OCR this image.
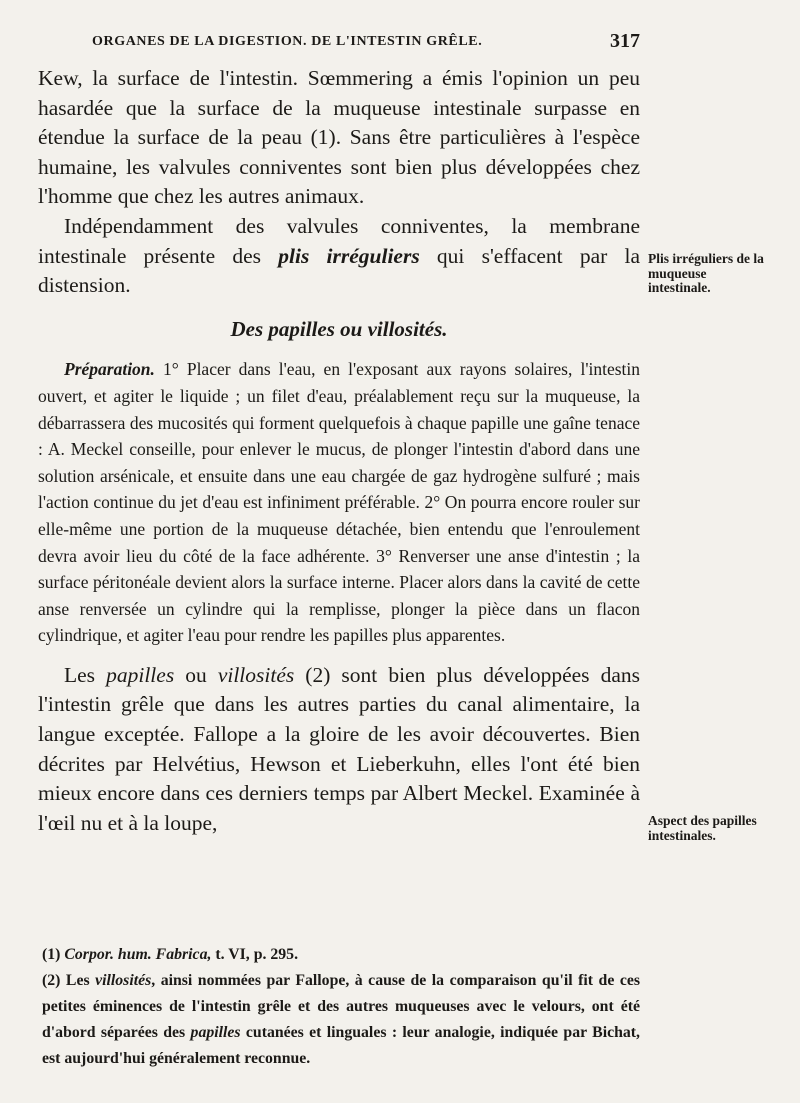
ORGANES DE LA DIGESTION. DE L'INTESTIN GRÊLE.	317

Kew, la surface de l'intestin. Sœmmering a émis l'opinion un peu hasardée que la surface de la muqueuse intestinale surpasse en étendue la surface de la peau (1). Sans être particulières à l'espèce humaine, les valvules conniventes sont bien plus développées chez l'homme que chez les autres animaux.

Indépendamment des valvules conniventes, la membrane intestinale présente des plis irréguliers qui s'effacent par la distension.

Des papilles ou villosités.

Préparation. 1° Placer dans l'eau, en l'exposant aux rayons solaires, l'intestin ouvert, et agiter le liquide ; un filet d'eau, préalablement reçu sur la muqueuse, la débarrassera des mucosités qui forment quelquefois à chaque papille une gaîne tenace : A. Meckel conseille, pour enlever le mucus, de plonger l'intestin d'abord dans une solution arsénicale, et ensuite dans une eau chargée de gaz hydrogène sulfuré ; mais l'action continue du jet d'eau est infiniment préférable. 2° On pourra encore rouler sur elle-même une portion de la muqueuse détachée, bien entendu que l'enroulement devra avoir lieu du côté de la face adhérente. 3° Renverser une anse d'intestin ; la surface péritonéale devient alors la surface interne. Placer alors dans la cavité de cette anse renversée un cylindre qui la remplisse, plonger la pièce dans un flacon cylindrique, et agiter l'eau pour rendre les papilles plus apparentes.

Les papilles ou villosités (2) sont bien plus développées dans l'intestin grêle que dans les autres parties du canal alimentaire, la langue exceptée. Fallope a la gloire de les avoir découvertes. Bien décrites par Helvétius, Hewson et Lieberkuhn, elles l'ont été bien mieux encore dans ces derniers temps par Albert Meckel. Examinée à l'œil nu et à la loupe,

Plis irréguliers de la muqueuse intestinale.
Aspect des papilles intestinales.

(1) Corpor. hum. Fabrica, t. VI, p. 295.

(2) Les villosités, ainsi nommées par Fallope, à cause de la comparaison qu'il fit de ces petites éminences de l'intestin grêle et des autres muqueuses avec le velours, ont été d'abord séparées des papilles cutanées et linguales : leur analogie, indiquée par Bichat, est aujourd'hui généralement reconnue.
